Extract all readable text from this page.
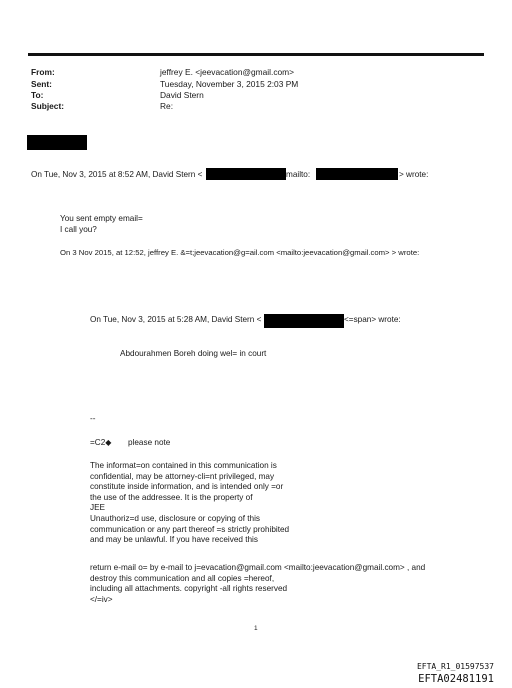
From:	jeffrey E. <jeevacation@gmail.com>
Sent:	Tuesday, November 3, 2015 2:03 PM
To:	David Stern
Subject:	Re:
On Tue, Nov 3, 2015 at 8:52 AM, David Stern <	mailto:	> wrote:
You sent empty email=
I call you?
On 3 Nov 2015, at 12:52, jeffrey E. &=t;jeevacation@g=ail.com <mailto:jeevacation@gmail.com> > wrote:
On Tue, Nov 3, 2015 at 5:28 AM, David Stern <	<=span> wrote:
Abdourahmen Boreh doing wel= in court
--
=C2◆ please note
The informat=on contained in this communication is
confidential, may be attorney-cli=nt privileged, may
constitute inside information, and is intended only =or
the use of the addressee. It is the property of
JEE
Unauthoriz=d use, disclosure or copying of this
communication or any part thereof =s strictly prohibited
and may be unlawful. If you have received this
return e-mail o= by e-mail to j=evacation@gmail.com <mailto:jeevacation@gmail.com> , and
destroy this communication and all copies =hereof,
including all attachments. copyright -all rights reserved
</=iv>
1
EFTA_R1_01597537
EFTA02481191
